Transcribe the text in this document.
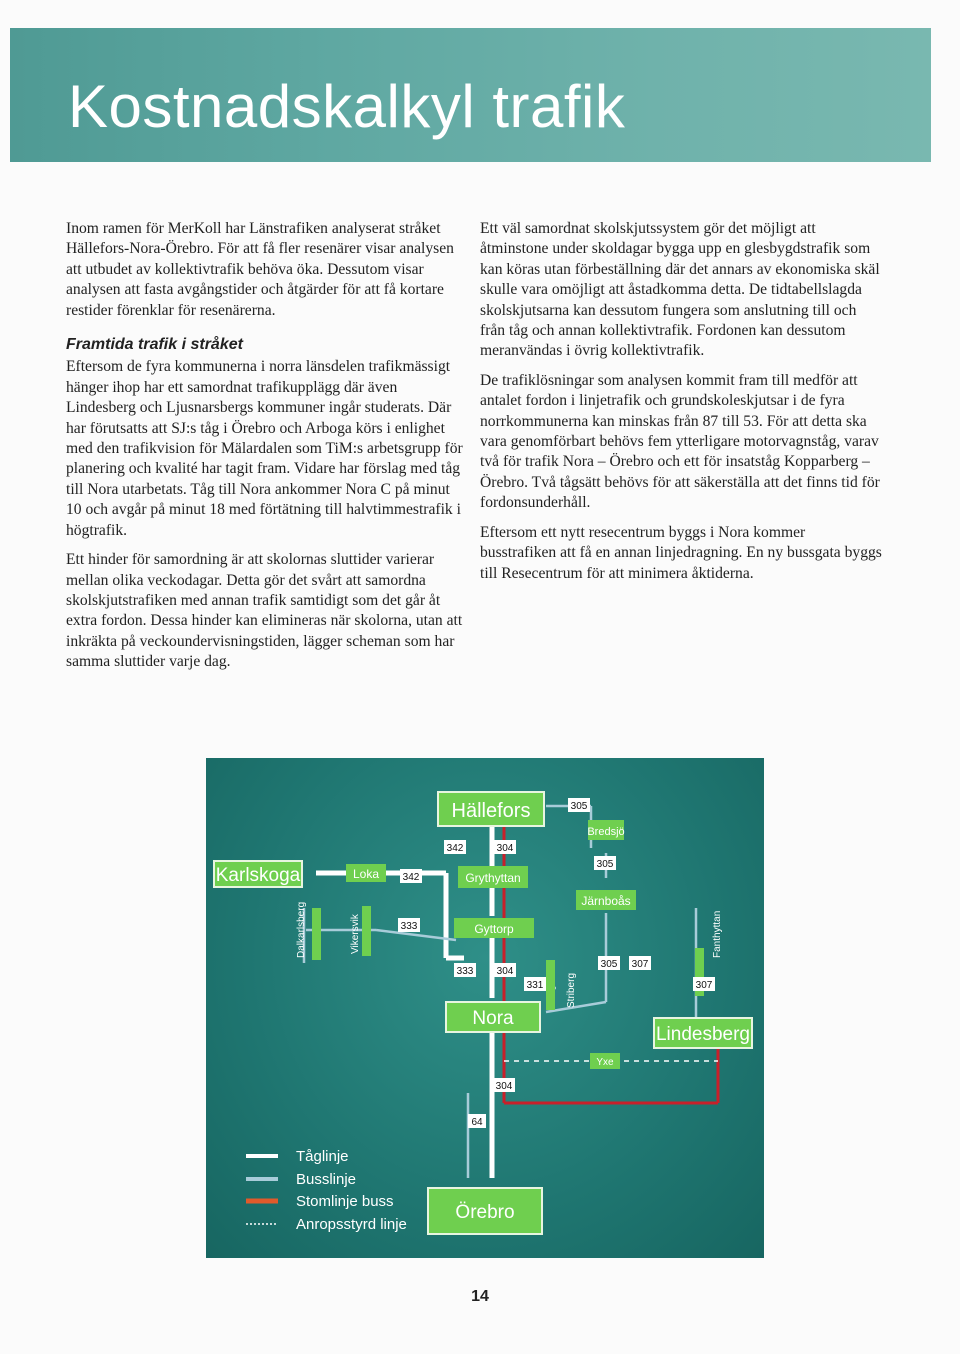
Kostnadskalkyl trafik

Inom ramen för MerKoll har Länstrafiken analyserat stråket Hällefors-Nora-Örebro. För att få fler resenärer visar analysen att utbudet av kollektivtrafik behöva öka. Dessutom visar analysen att fasta avgångstider och åtgärder för att få kortare restider förenklar för resenärerna.

Framtida trafik i stråket

Eftersom de fyra kommunerna i norra länsdelen trafikmässigt hänger ihop har ett samordnat trafikupplägg där även Lindesberg och Ljusnarsbergs kommuner ingår studerats. Där har förutsatts att SJ:s tåg i Örebro och Arboga körs i enlighet med den trafikvision för Mälardalen som TiM:s arbetsgrupp för planering och kvalité har tagit fram. Vidare har förslag med tåg till Nora utarbetats. Tåg till Nora ankommer Nora C på minut 10 och avgår på minut 18 med förtätning till halvtimmestrafik i högtrafik.

Ett hinder för samordning är att skolornas sluttider varierar mellan olika veckodagar. Detta gör det svårt att samordna skolskjutstrafiken med annan trafik samtidigt som det går åt extra fordon. Dessa hinder kan elimineras när skolorna, utan att inkräkta på veckoundervisningstiden, lägger scheman som har samma sluttider varje dag.

Ett väl samordnat skolskjutssystem gör det möjligt att åtminstone under skoldagar bygga upp en glesbygdstrafik som kan köras utan förbeställning där det annars av ekonomiska skäl skulle vara omöjligt att åstadkomma detta. De tidtabellslagda skolskjutsarna kan dessutom fungera som anslutning till och från tåg och annan kollektivtrafik. Fordonen kan dessutom meranvändas i övrig kollektivtrafik.

De trafiklösningar som analysen kommit fram till medför att antalet fordon i linjetrafik och grundskoleskjutsar i de fyra norrkommunerna kan minskas från 87 till 53. För att detta ska vara genomförbart behövs fem ytterligare motorvagnståg, varav två för trafik Nora – Örebro och ett för insatståg Kopparberg – Örebro. Två tågsätt behövs för att säkerställa att det finns tid för fordonsunderhåll.

Eftersom ett nytt resecentrum byggs i Nora kommer busstrafiken att få en annan linjedragning. En ny bussgata byggs till Resecentrum för att minimera åktiderna.

Hällefors
Karlskoga	Loka	Grythyttan
Bredsjö
Järnboås
Gyttorp
Nora
Lindesberg
Yxe
Örebro
Dalkarlsberg	Vikersvik
Striberg
Fanthyttan
305
342	304
305
342
333
333 304
331
305 307
307
304
64
Tåglinje
Busslinje
Stomlinje buss
Anropsstyrd linje
14
